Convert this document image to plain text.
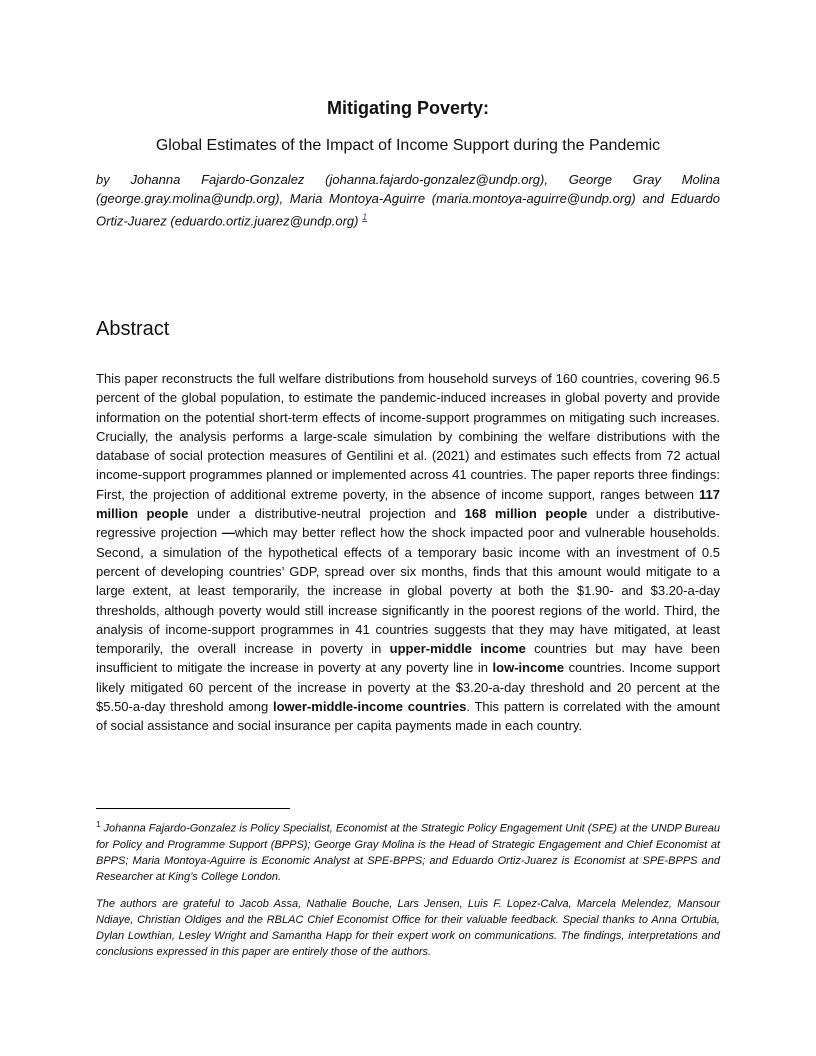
Mitigating Poverty:
Global Estimates of the Impact of Income Support during the Pandemic
by Johanna Fajardo-Gonzalez (johanna.fajardo-gonzalez@undp.org), George Gray Molina (george.gray.molina@undp.org), Maria Montoya-Aguirre (maria.montoya-aguirre@undp.org) and Eduardo Ortiz-Juarez (eduardo.ortiz.juarez@undp.org) $^1$
Abstract
This paper reconstructs the full welfare distributions from household surveys of 160 countries, covering 96.5 percent of the global population, to estimate the pandemic-induced increases in global poverty and provide information on the potential short-term effects of income-support programmes on mitigating such increases. Crucially, the analysis performs a large-scale simulation by combining the welfare distributions with the database of social protection measures of Gentilini et al. (2021) and estimates such effects from 72 actual income-support programmes planned or implemented across 41 countries. The paper reports three findings: First, the projection of additional extreme poverty, in the absence of income support, ranges between 117 million people under a distributive-neutral projection and 168 million people under a distributive-regressive projection —which may better reflect how the shock impacted poor and vulnerable households. Second, a simulation of the hypothetical effects of a temporary basic income with an investment of 0.5 percent of developing countries’ GDP, spread over six months, finds that this amount would mitigate to a large extent, at least temporarily, the increase in global poverty at both the $1.90- and $3.20-a-day thresholds, although poverty would still increase significantly in the poorest regions of the world. Third, the analysis of income-support programmes in 41 countries suggests that they may have mitigated, at least temporarily, the overall increase in poverty in upper-middle income countries but may have been insufficient to mitigate the increase in poverty at any poverty line in low-income countries. Income support likely mitigated 60 percent of the increase in poverty at the $3.20-a-day threshold and 20 percent at the $5.50-a-day threshold among lower-middle-income countries. This pattern is correlated with the amount of social assistance and social insurance per capita payments made in each country.
$^1$ Johanna Fajardo-Gonzalez is Policy Specialist, Economist at the Strategic Policy Engagement Unit (SPE) at the UNDP Bureau for Policy and Programme Support (BPPS); George Gray Molina is the Head of Strategic Engagement and Chief Economist at BPPS; Maria Montoya-Aguirre is Economic Analyst at SPE-BPPS; and Eduardo Ortiz-Juarez is Economist at SPE-BPPS and Researcher at King’s College London.
The authors are grateful to Jacob Assa, Nathalie Bouche, Lars Jensen, Luis F. Lopez-Calva, Marcela Melendez, Mansour Ndiaye, Christian Oldiges and the RBLAC Chief Economist Office for their valuable feedback. Special thanks to Anna Ortubia, Dylan Lowthian, Lesley Wright and Samantha Happ for their expert work on communications. The findings, interpretations and conclusions expressed in this paper are entirely those of the authors.
